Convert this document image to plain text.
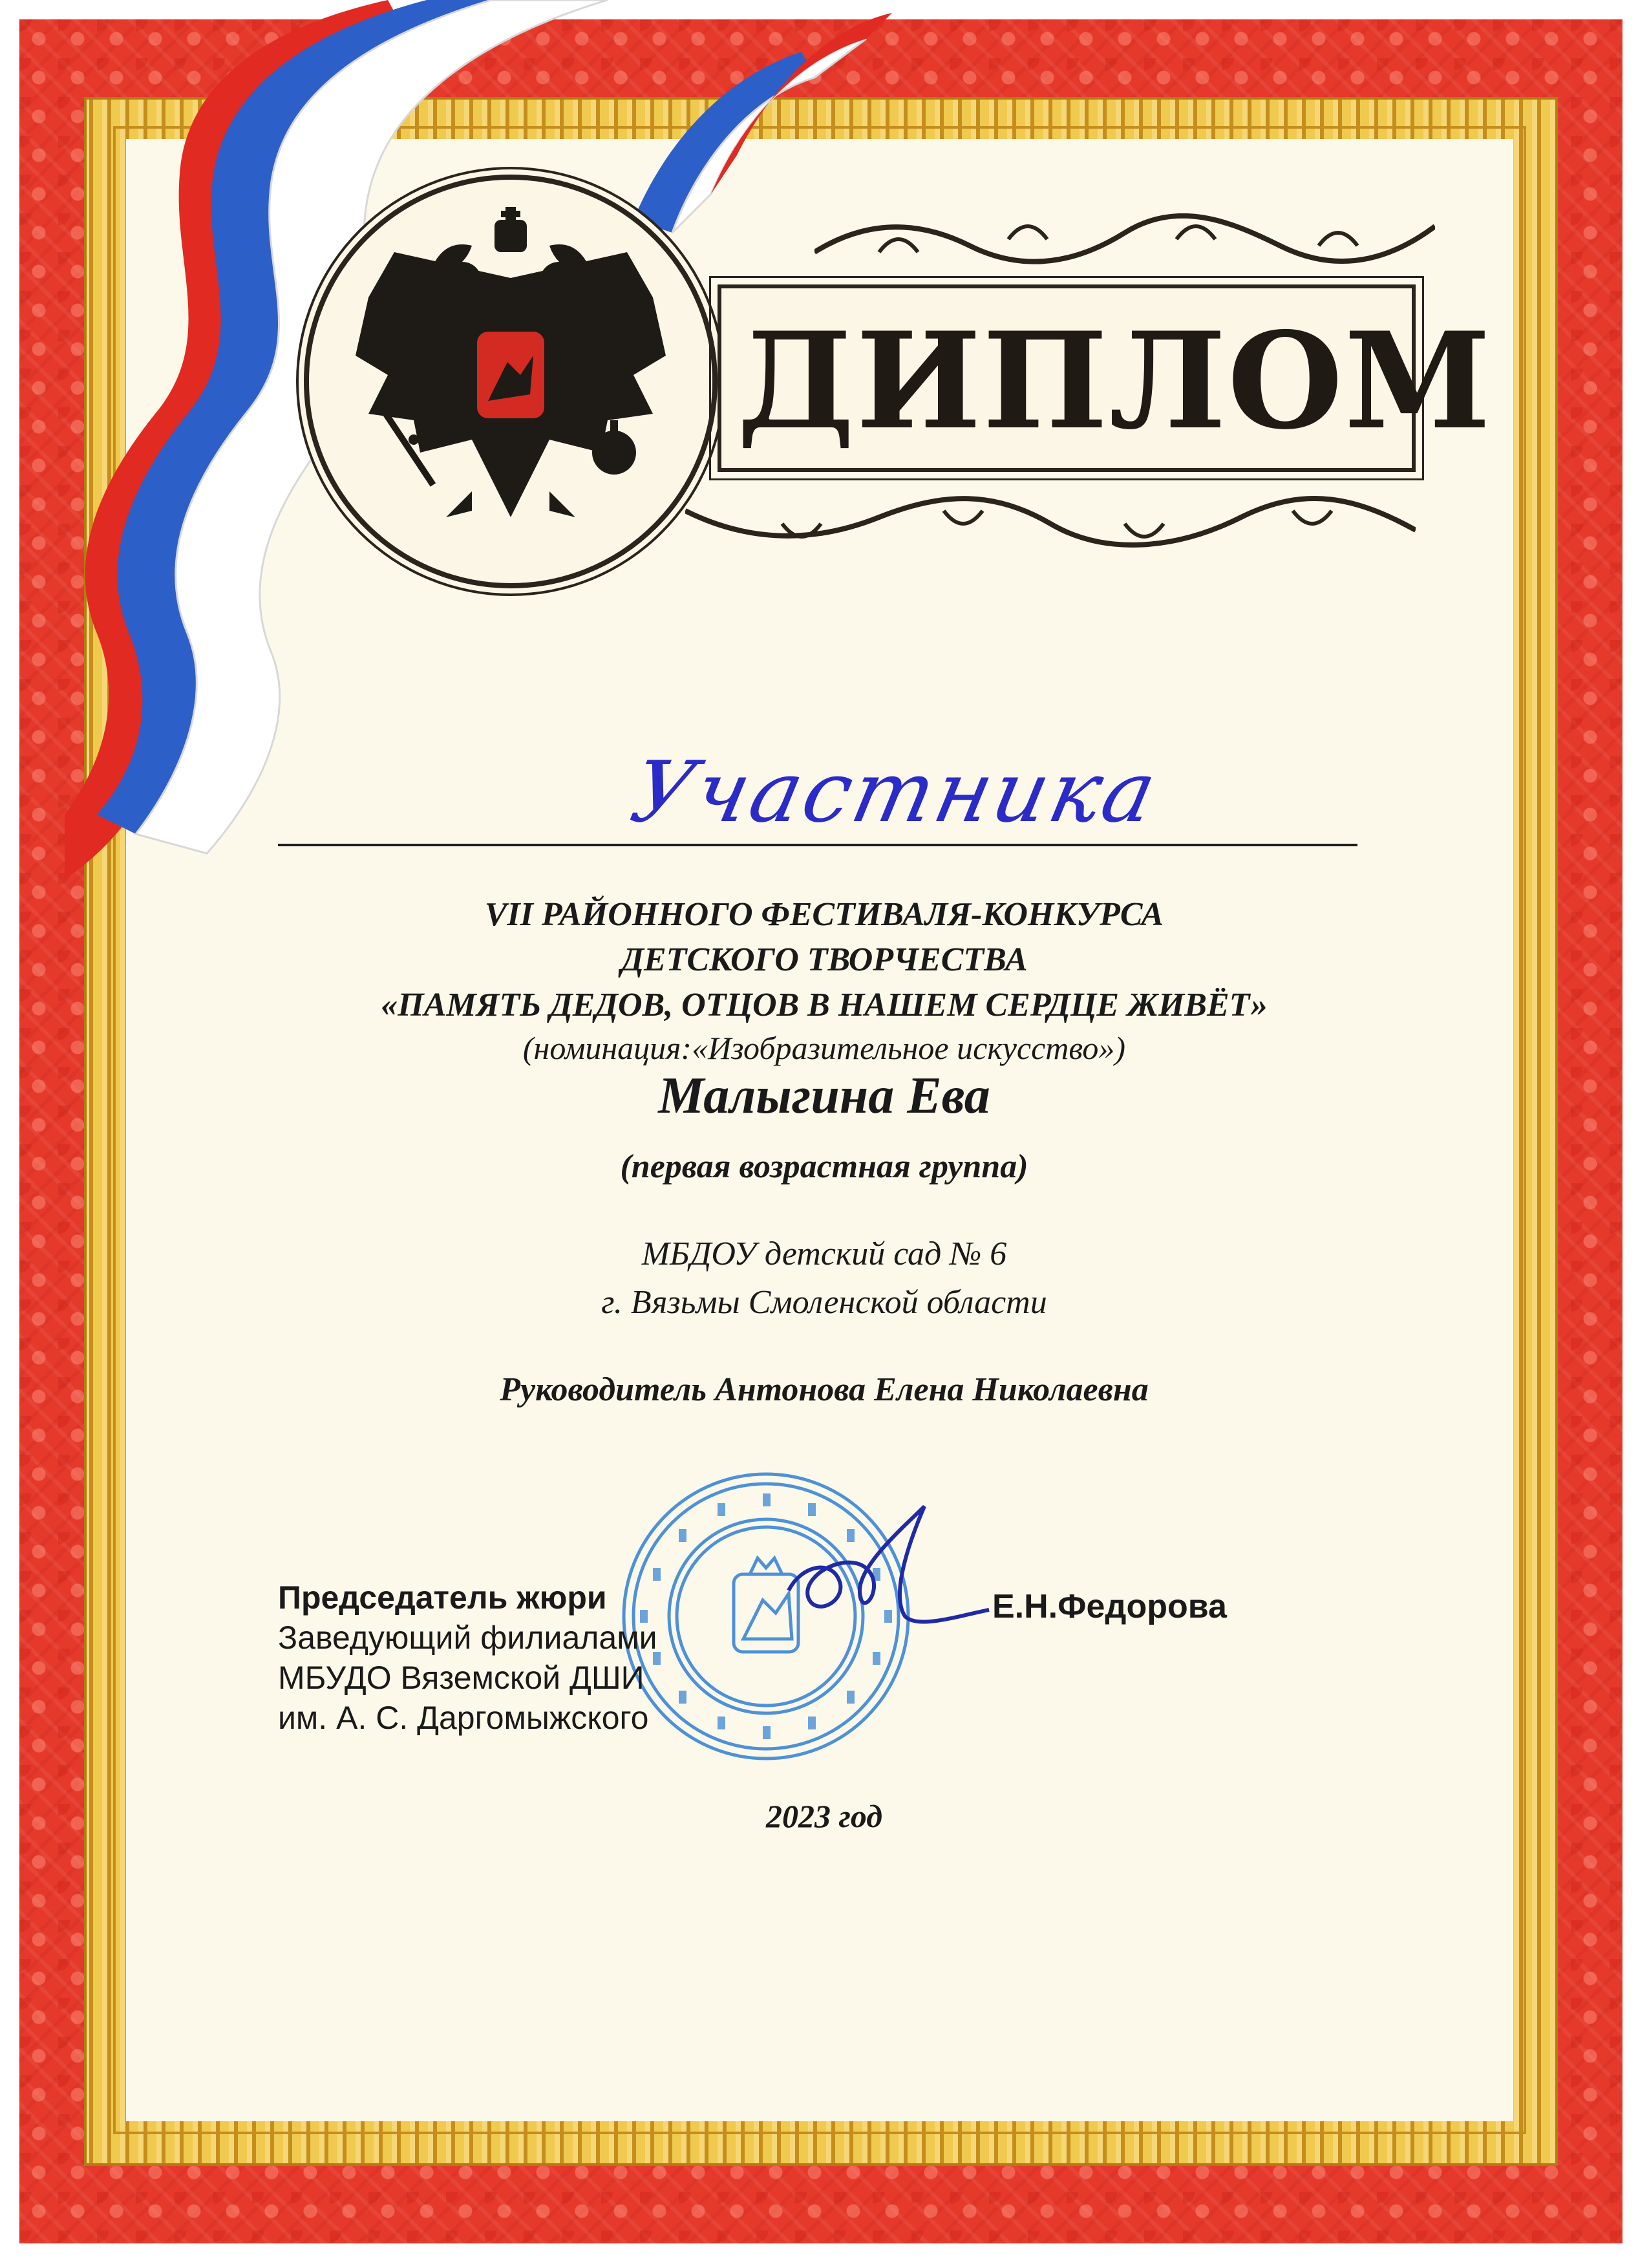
ДИПЛОМ
Участника
VII РАЙОННОГО ФЕСТИВАЛЯ-КОНКУРСА
ДЕТСКОГО ТВОРЧЕСТВА
«ПАМЯТЬ ДЕДОВ, ОТЦОВ В НАШЕМ СЕРДЦЕ ЖИВЁТ»
(номинация:«Изобразительное искусство»)
Малыгина Ева
(первая возрастная группа)
МБДОУ детский сад № 6
г. Вязьмы Смоленской области
Руководитель Антонова Елена Николаевна
Председатель жюри
Заведующий филиалами
МБУДО Вяземской ДШИ
им. А. С. Даргомыжского
Е.Н.Федорова
2023 год
